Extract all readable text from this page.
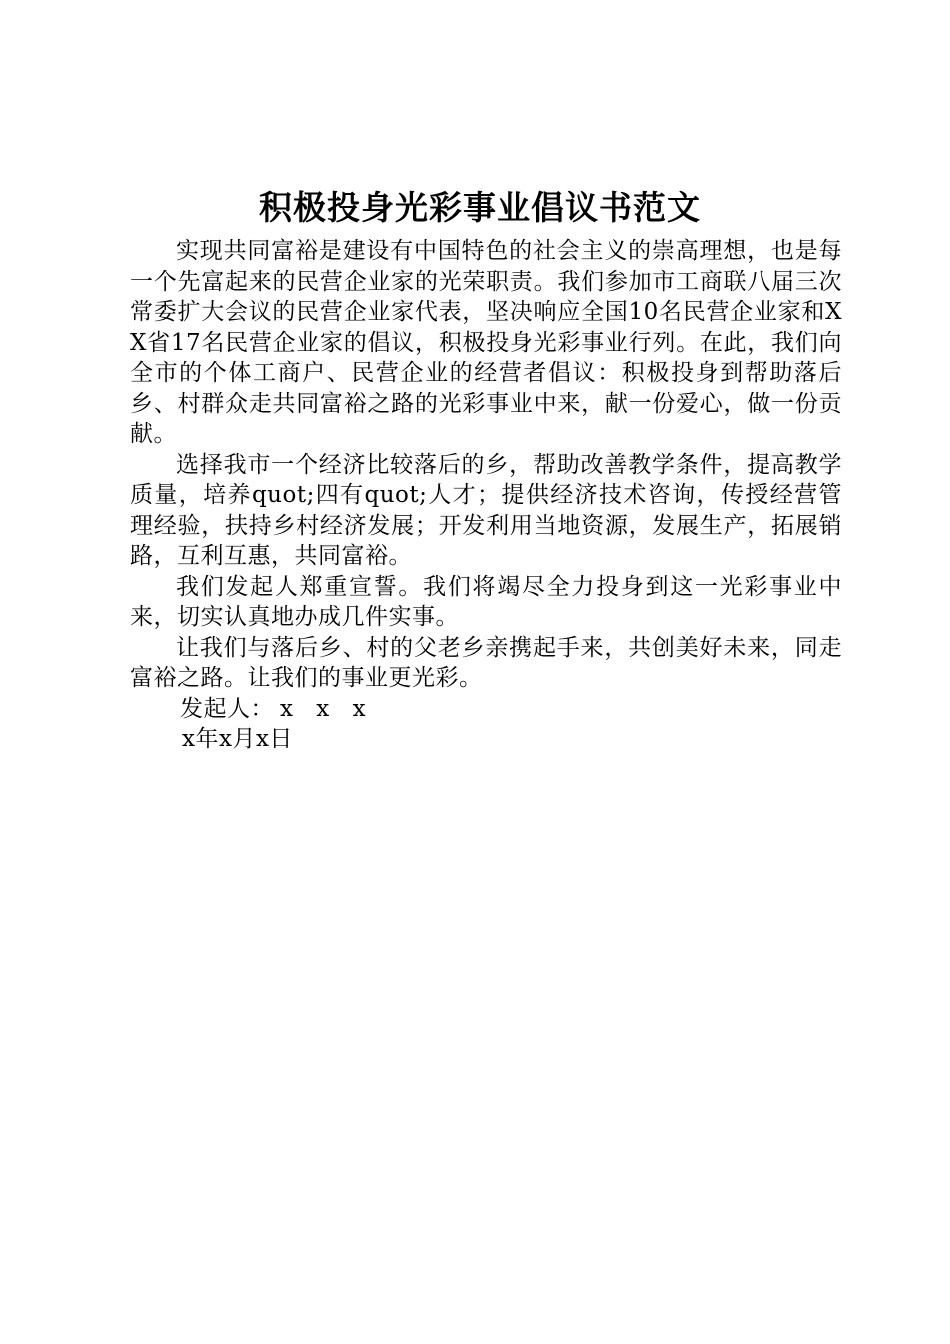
积极投身光彩事业倡议书范文

实现共同富裕是建设有中国特色的社会主义的崇高理想，也是每一个先富起来的民营企业家的光荣职责。我们参加市工商联八届三次常委扩大会议的民营企业家代表，坚决响应全国10名民营企业家和XX省17名民营企业家的倡议，积极投身光彩事业行列。在此，我们向全市的个体工商户、民营企业的经营者倡议：积极投身到帮助落后乡、村群众走共同富裕之路的光彩事业中来，献一份爱心，做一份贡献。

选择我市一个经济比较落后的乡，帮助改善教学条件，提高教学质量，培养quot;四有quot;人才；提供经济技术咨询，传授经营管理经验，扶持乡村经济发展；开发利用当地资源，发展生产，拓展销路，互利互惠，共同富裕。

我们发起人郑重宣誓。我们将竭尽全力投身到这一光彩事业中来，切实认真地办成几件实事。

让我们与落后乡、村的父老乡亲携起手来，共创美好未来，同走富裕之路。让我们的事业更光彩。

发起人： x x x

x年x月x日
